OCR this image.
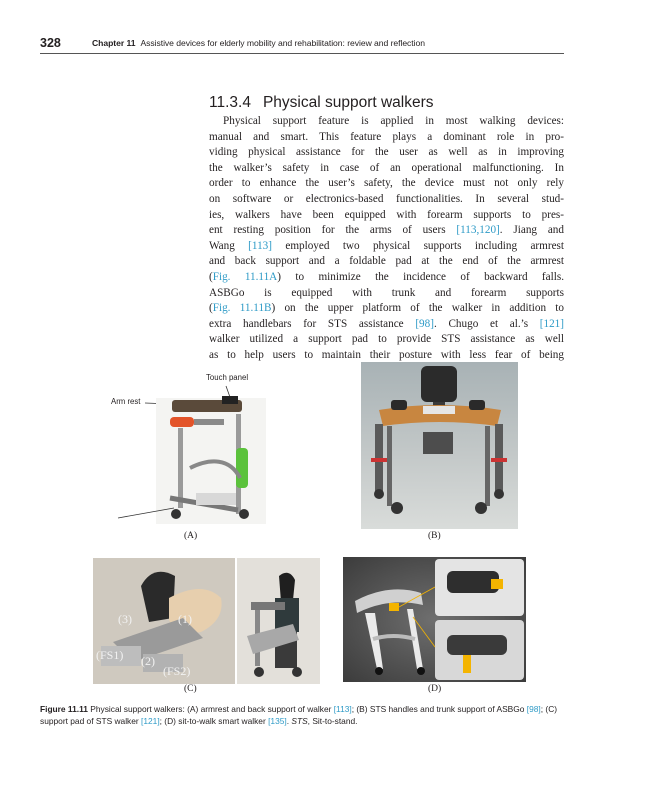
328	Chapter 11 Assistive devices for elderly mobility and rehabilitation: review and reflection
11.3.4 Physical support walkers
Physical support feature is applied in most walking devices:
manual and smart. This feature plays a dominant role in pro-
viding physical assistance for the user as well as in improving
the walker’s safety in case of an operational malfunctioning. In
order to enhance the user’s safety, the device must not only rely
on software or electronics-based functionalities. In several stud-
ies, walkers have been equipped with forearm supports to pres-
ent resting position for the arms of users [113,120]. Jiang and
Wang [113] employed two physical supports including armrest
and back support and a foldable pad at the end of the armrest
(Fig. 11.11A) to minimize the incidence of backward falls.
ASBGo is equipped with trunk and forearm supports
(Fig. 11.11B) on the upper platform of the walker in addition to
extra handlebars for STS assistance [98]. Chugo et al.’s [121]
walker utilized a support pad to provide STS assistance as well
as to help users to maintain their posture with less fear of being
Touch panel
Arm rest
(A)	(B)
(3)	(1)
(FS1) (2)
(FS2)
(C)	(D)
Figure 11.11 Physical support walkers: (A) armrest and back support of walker [113]; (B) STS handles and trunk support of ASBGo [98]; (C) support pad of STS walker [121]; (D) sit-to-walk smart walker [135]. STS, Sit-to-stand.
